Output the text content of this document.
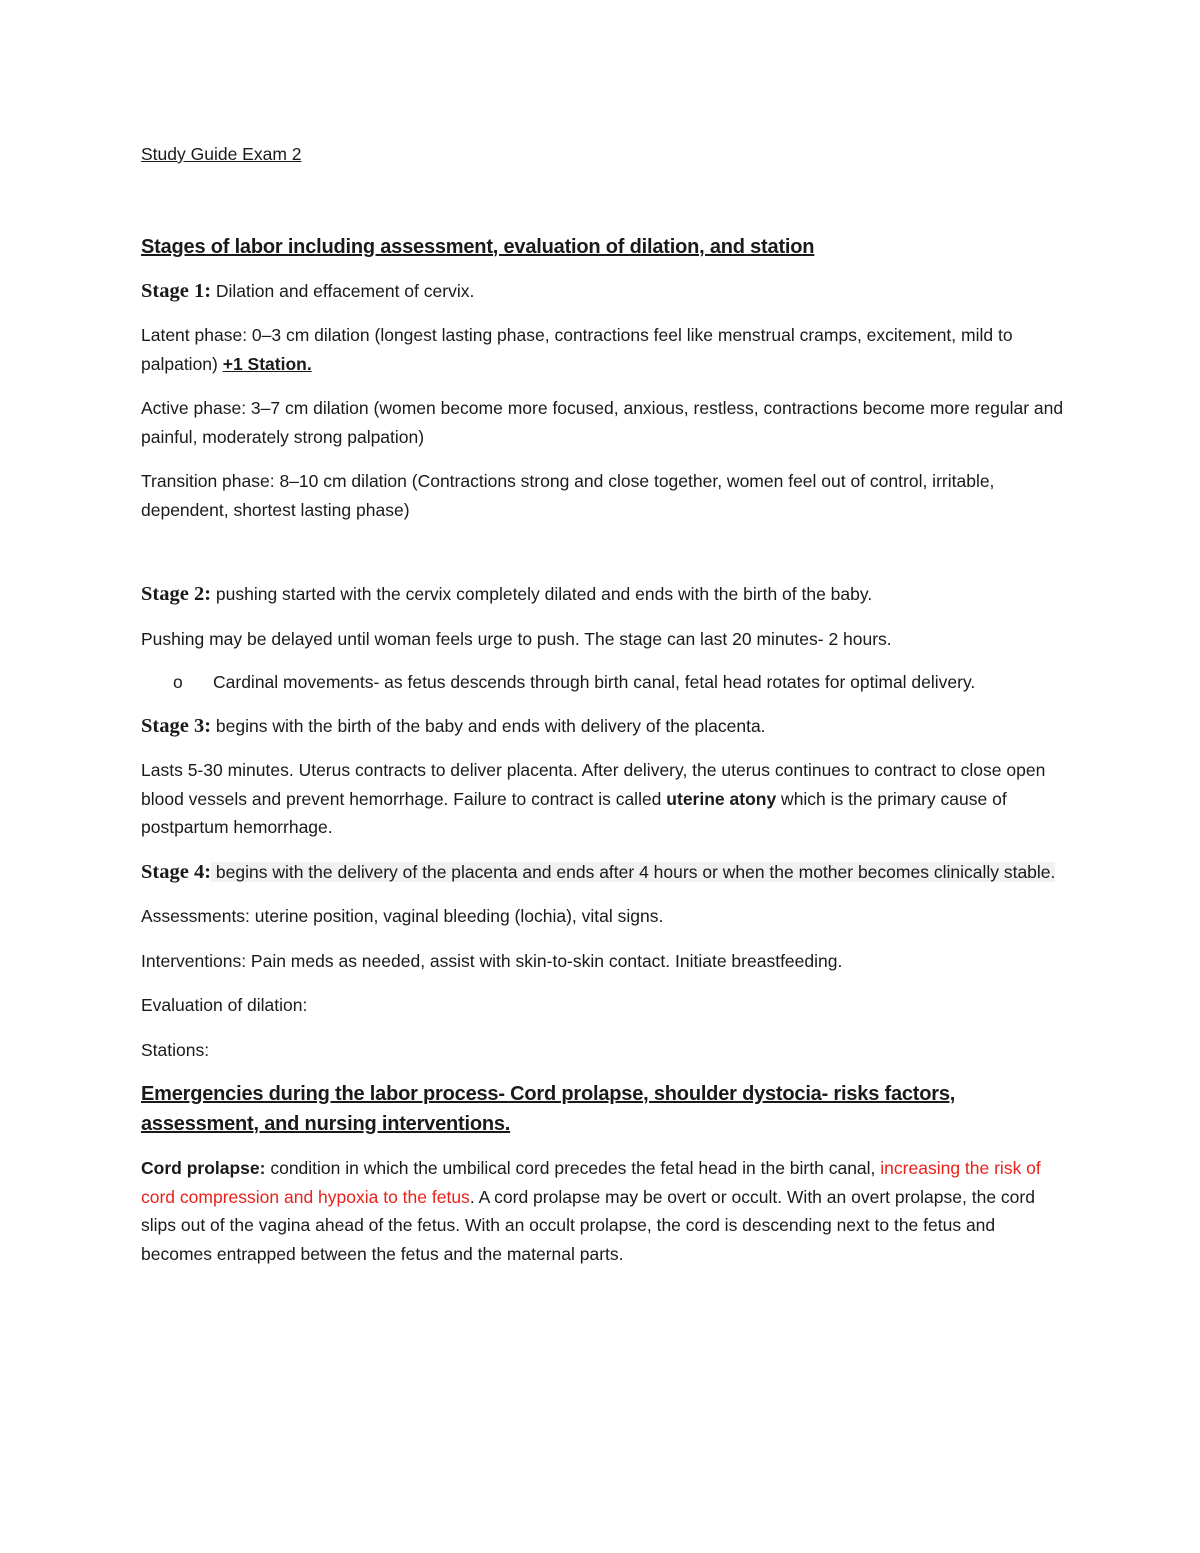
Study Guide Exam 2

Stages of labor including assessment, evaluation of dilation, and station

Stage 1: Dilation and effacement of cervix.

Latent phase: 0–3 cm dilation (longest lasting phase, contractions feel like menstrual cramps, excitement, mild to palpation) +1 Station.

Active phase: 3–7 cm dilation (women become more focused, anxious, restless, contractions become more regular and painful, moderately strong palpation)

Transition phase: 8–10 cm dilation (Contractions strong and close together, women feel out of control, irritable, dependent, shortest lasting phase)

Stage 2: pushing started with the cervix completely dilated and ends with the birth of the baby.

Pushing may be delayed until woman feels urge to push. The stage can last 20 minutes- 2 hours.

o	Cardinal movements- as fetus descends through birth canal, fetal head rotates for optimal delivery.

Stage 3: begins with the birth of the baby and ends with delivery of the placenta.

Lasts 5-30 minutes. Uterus contracts to deliver placenta. After delivery, the uterus continues to contract to close open blood vessels and prevent hemorrhage. Failure to contract is called uterine atony which is the primary cause of postpartum hemorrhage.

Stage 4: begins with the delivery of the placenta and ends after 4 hours or when the mother becomes clinically stable.

Assessments: uterine position, vaginal bleeding (lochia), vital signs.

Interventions: Pain meds as needed, assist with skin-to-skin contact. Initiate breastfeeding.

Evaluation of dilation:

Stations:

Emergencies during the labor process- Cord prolapse, shoulder dystocia- risks factors, assessment, and nursing interventions.

Cord prolapse: condition in which the umbilical cord precedes the fetal head in the birth canal, increasing the risk of cord compression and hypoxia to the fetus. A cord prolapse may be overt or occult. With an overt prolapse, the cord slips out of the vagina ahead of the fetus. With an occult prolapse, the cord is descending next to the fetus and becomes entrapped between the fetus and the maternal parts.
